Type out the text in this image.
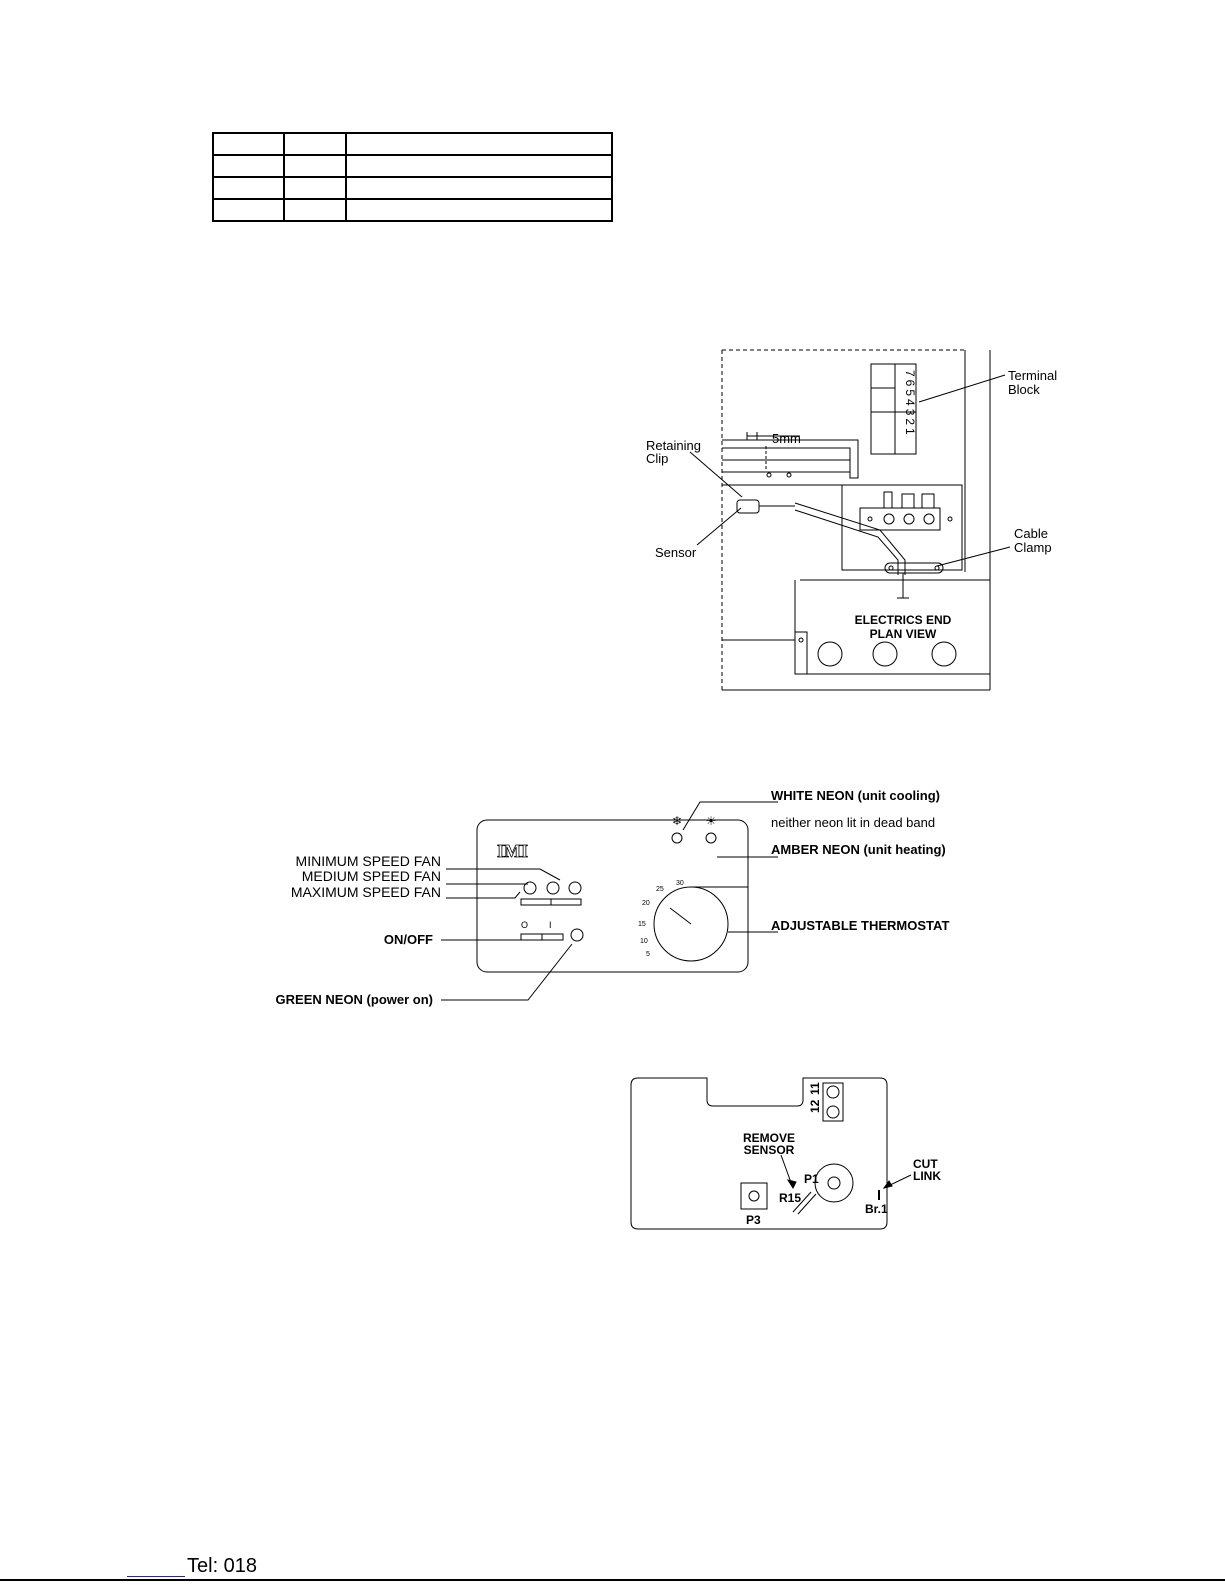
Terminal
Block
7654321
Retaining
Clip
5mm
Sensor
Cable
Clamp
ELECTRICS END
PLAN VIEW
❄ ☀
O I
5
10
15
20
25
30
IMI
MINIMUM SPEED FAN
MEDIUM SPEED FAN
MAXIMUM SPEED FAN
ON/OFF
GREEN NEON (power on)
WHITE NEON (unit cooling)
neither neon lit in dead band
AMBER NEON (unit heating)
ADJUSTABLE THERMOSTAT
12
11
REMOVE
SENSOR
P1
R15
P3
CUT
LINK
Br.1
Tel: 018
